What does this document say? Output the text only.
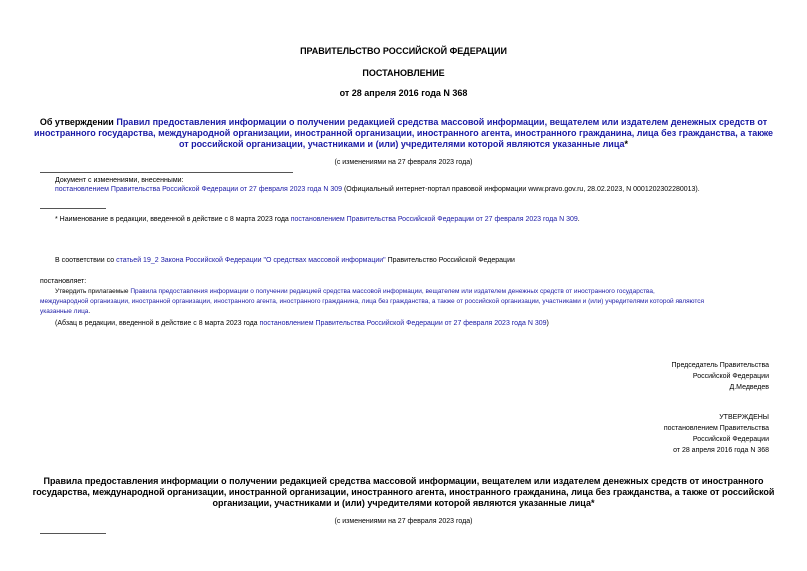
ПРАВИТЕЛЬСТВО РОССИЙСКОЙ ФЕДЕРАЦИИ
ПОСТАНОВЛЕНИЕ
от 28 апреля 2016 года N 368
Об утверждении Правил предоставления информации о получении редакцией средства массовой информации, вещателем или издателем денежных средств от
иностранного государства, международной организации, иностранной организации, иностранного агента, иностранного гражданина, лица без гражданства, а также
от российской организации, участниками и (или) учредителями которой являются указанные лица*
(с изменениями на 27 февраля 2023 года)
Документ с изменениями, внесенными:
постановлением Правительства Российской Федерации от 27 февраля 2023 года N 309 (Официальный интернет-портал правовой информации www.pravo.gov.ru, 28.02.2023, N 0001202302280013).
* Наименование в редакции, введенной в действие с 8 марта 2023 года постановлением Правительства Российской Федерации от 27 февраля 2023 года N 309.
В соответствии со статьей 19_2 Закона Российской Федерации "О средствах массовой информации" Правительство Российской Федерации
постановляет:
Утвердить прилагаемые Правила предоставления информации о получении редакцией средства массовой информации, вещателем или издателем денежных средств от иностранного государства,
международной организации, иностранной организации, иностранного агента, иностранного гражданина, лица без гражданства, а также от российской организации, участниками и (или) учредителями которой являются
указанные лица.
(Абзац в редакции, введенной в действие с 8 марта 2023 года постановлением Правительства Российской Федерации от 27 февраля 2023 года N 309)
Председатель Правительства
Российской Федерации
Д.Медведев
УТВЕРЖДЕНЫ
постановлением Правительства
Российской Федерации
от 28 апреля 2016 года N 368
Правила предоставления информации о получении редакцией средства массовой информации, вещателем или издателем денежных средств от иностранного
государства, международной организации, иностранной организации, иностранного агента, иностранного гражданина, лица без гражданства, а также от российской
организации, участниками и (или) учредителями которой являются указанные лица*
(с изменениями на 27 февраля 2023 года)
